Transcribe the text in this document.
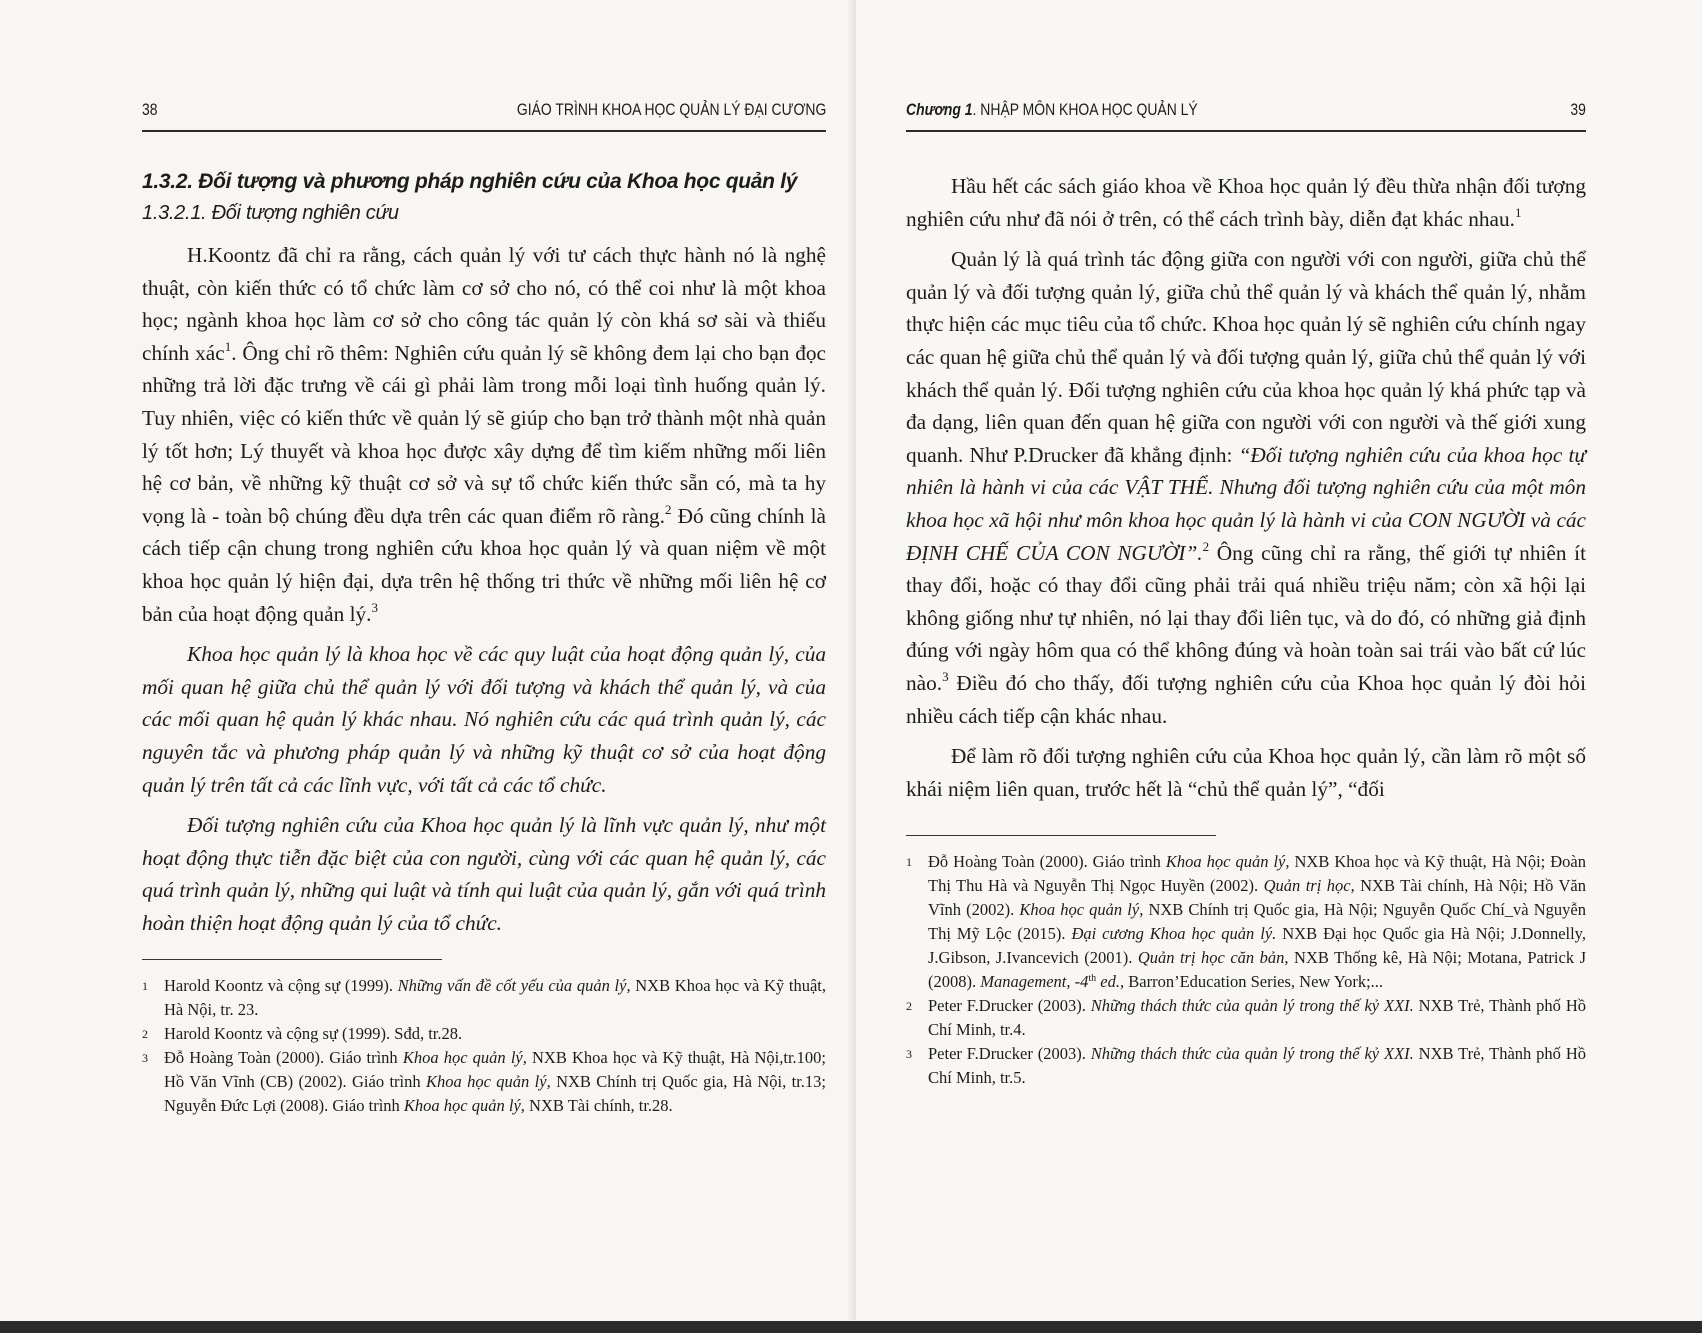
38	GIÁO TRÌNH KHOA HỌC QUẢN LÝ ĐẠI CƯƠNG
1.3.2. Đối tượng và phương pháp nghiên cứu của Khoa học quản lý
1.3.2.1. Đối tượng nghiên cứu

H.Koontz đã chỉ ra rằng, cách quản lý với tư cách thực hành nó là nghệ thuật, còn kiến thức có tổ chức làm cơ sở cho nó, có thể coi như là một khoa học; ngành khoa học làm cơ sở cho công tác quản lý còn khá sơ sài và thiếu chính xác$^1$. Ông chỉ rõ thêm: Nghiên cứu quản lý sẽ không đem lại cho bạn đọc những trả lời đặc trưng về cái gì phải làm trong mỗi loại tình huống quản lý. Tuy nhiên, việc có kiến thức về quản lý sẽ giúp cho bạn trở thành một nhà quản lý tốt hơn; Lý thuyết và khoa học được xây dựng để tìm kiếm những mối liên hệ cơ bản, về những kỹ thuật cơ sở và sự tổ chức kiến thức sẵn có, mà ta hy vọng là - toàn bộ chúng đều dựa trên các quan điểm rõ ràng.$^2$ Đó cũng chính là cách tiếp cận chung trong nghiên cứu khoa học quản lý và quan niệm về một khoa học quản lý hiện đại, dựa trên hệ thống tri thức về những mối liên hệ cơ bản của hoạt động quản lý.$^3$

Khoa học quản lý là khoa học về các quy luật của hoạt động quản lý, của mối quan hệ giữa chủ thể quản lý với đối tượng và khách thể quản lý, và của các mối quan hệ quản lý khác nhau. Nó nghiên cứu các quá trình quản lý, các nguyên tắc và phương pháp quản lý và những kỹ thuật cơ sở của hoạt động quản lý trên tất cả các lĩnh vực, với tất cả các tổ chức.

Đối tượng nghiên cứu của Khoa học quản lý là lĩnh vực quản lý, như một hoạt động thực tiễn đặc biệt của con người, cùng với các quan hệ quản lý, các quá trình quản lý, những qui luật và tính qui luật của quản lý, gắn với quá trình hoàn thiện hoạt động quản lý của tổ chức.

1 Harold Koontz và cộng sự (1999). Những vấn đề cốt yếu của quản lý, NXB Khoa học và Kỹ thuật, Hà Nội, tr. 23.

2 Harold Koontz và cộng sự (1999). Sđd, tr.28.

3 Đỗ Hoàng Toàn (2000). Giáo trình Khoa học quản lý, NXB Khoa học và Kỹ thuật, Hà Nội,tr.100; Hồ Văn Vĩnh (CB) (2002). Giáo trình Khoa học quản lý, NXB Chính trị Quốc gia, Hà Nội, tr.13; Nguyễn Đức Lợi (2008). Giáo trình Khoa học quản lý, NXB Tài chính, tr.28.

Chương 1. NHẬP MÔN KHOA HỌC QUẢN LÝ	39

Hầu hết các sách giáo khoa về Khoa học quản lý đều thừa nhận đối tượng nghiên cứu như đã nói ở trên, có thể cách trình bày, diễn đạt khác nhau.$^1$

Quản lý là quá trình tác động giữa con người với con người, giữa chủ thể quản lý và đối tượng quản lý, giữa chủ thể quản lý và khách thể quản lý, nhằm thực hiện các mục tiêu của tổ chức. Khoa học quản lý sẽ nghiên cứu chính ngay các quan hệ giữa chủ thể quản lý và đối tượng quản lý, giữa chủ thể quản lý với khách thể quản lý. Đối tượng nghiên cứu của khoa học quản lý khá phức tạp và đa dạng, liên quan đến quan hệ giữa con người với con người và thế giới xung quanh. Như P.Drucker đã khẳng định: “Đối tượng nghiên cứu của khoa học tự nhiên là hành vi của các VẬT THỂ. Nhưng đối tượng nghiên cứu của một môn khoa học xã hội như môn khoa học quản lý là hành vi của CON NGƯỜI và các ĐỊNH CHẾ CỦA CON NGƯỜI”.$^2$ Ông cũng chỉ ra rằng, thế giới tự nhiên ít thay đổi, hoặc có thay đổi cũng phải trải quá nhiều triệu năm; còn xã hội lại không giống như tự nhiên, nó lại thay đổi liên tục, và do đó, có những giả định đúng với ngày hôm qua có thể không đúng và hoàn toàn sai trái vào bất cứ lúc nào.$^3$ Điều đó cho thấy, đối tượng nghiên cứu của Khoa học quản lý đòi hỏi nhiều cách tiếp cận khác nhau.

Để làm rõ đối tượng nghiên cứu của Khoa học quản lý, cần làm rõ một số khái niệm liên quan, trước hết là “chủ thể quản lý”, “đối

1 Đỗ Hoàng Toàn (2000). Giáo trình Khoa học quản lý, NXB Khoa học và Kỹ thuật, Hà Nội; Đoàn Thị Thu Hà và Nguyễn Thị Ngọc Huyền (2002). Quản trị học, NXB Tài chính, Hà Nội; Hồ Văn Vĩnh (2002). Khoa học quản lý, NXB Chính trị Quốc gia, Hà Nội; Nguyễn Quốc Chí_và Nguyễn Thị Mỹ Lộc (2015). Đại cương Khoa học quản lý. NXB Đại học Quốc gia Hà Nội; J.Donnelly, J.Gibson, J.Ivancevich (2001). Quản trị học căn bản, NXB Thống kê, Hà Nội; Motana, Patrick J (2008). Management, -4th ed., Barron’Education Series, New York;...

2 Peter F.Drucker (2003). Những thách thức của quản lý trong thế kỷ XXI. NXB Trẻ, Thành phố Hồ Chí Minh, tr.4.

3 Peter F.Drucker (2003). Những thách thức của quản lý trong thế kỷ XXI. NXB Trẻ, Thành phố Hồ Chí Minh, tr.5.
